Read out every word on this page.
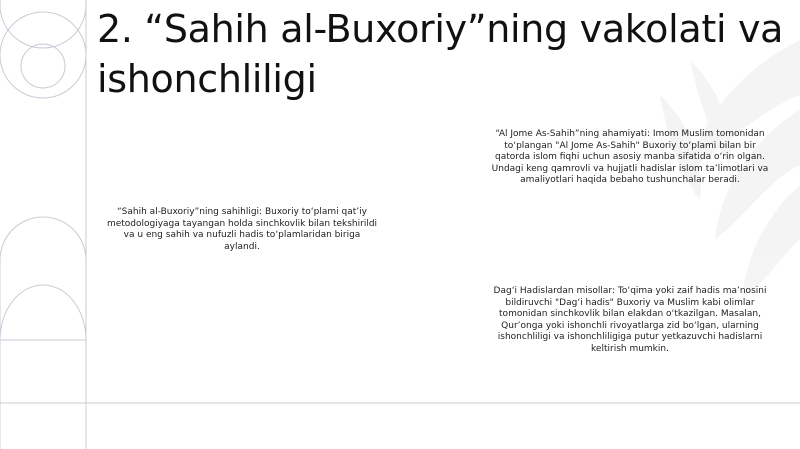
2. “Sahih al-Buxoriy”ning vakolati va ishonchliligi

“Sahih al-Buxoriy”ning sahihligi: Buxoriy to‘plami qat’iy metodologiyaga tayangan holda sinchkovlik bilan tekshirildi va u eng sahih va nufuzli hadis to‘plamlaridan biriga aylandi.

“Al Jome As-Sahih”ning ahamiyati: Imom Muslim tomonidan to‘plangan "Al Jome As-Sahih" Buxoriy to‘plami bilan bir qatorda islom fiqhi uchun asosiy manba sifatida o‘rin olgan. Undagi keng qamrovli va hujjatli hadislar islom ta’limotlari va amaliyotlari haqida bebaho tushunchalar beradi.

Dag‘i Hadislardan misollar: To‘qima yoki zaif hadis ma’nosini bildiruvchi "Dag‘i hadis" Buxoriy va Muslim kabi olimlar tomonidan sinchkovlik bilan elakdan o‘tkazilgan. Masalan, Qur’onga yoki ishonchli rivoyatlarga zid bo‘lgan, ularning ishonchliligi va ishonchliligiga putur yetkazuvchi hadislarni keltirish mumkin.
